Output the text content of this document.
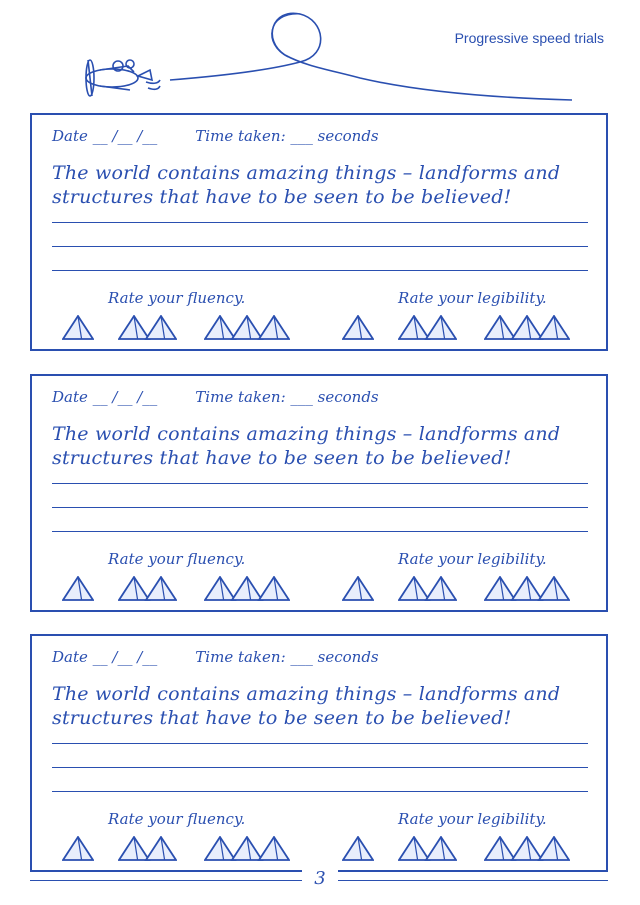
Progressive speed trials
Date __ /__ /__	Time taken: ___ seconds
The world contains amazing things – landforms and structures that have to be seen to be believed!
Rate your fluency.	Rate your legibility.
Date __ /__ /__	Time taken: ___ seconds
The world contains amazing things – landforms and structures that have to be seen to be believed!
Rate your fluency.	Rate your legibility.
Date __ /__ /__	Time taken: ___ seconds
The world contains amazing things – landforms and structures that have to be seen to be believed!
Rate your fluency.	Rate your legibility.
3
